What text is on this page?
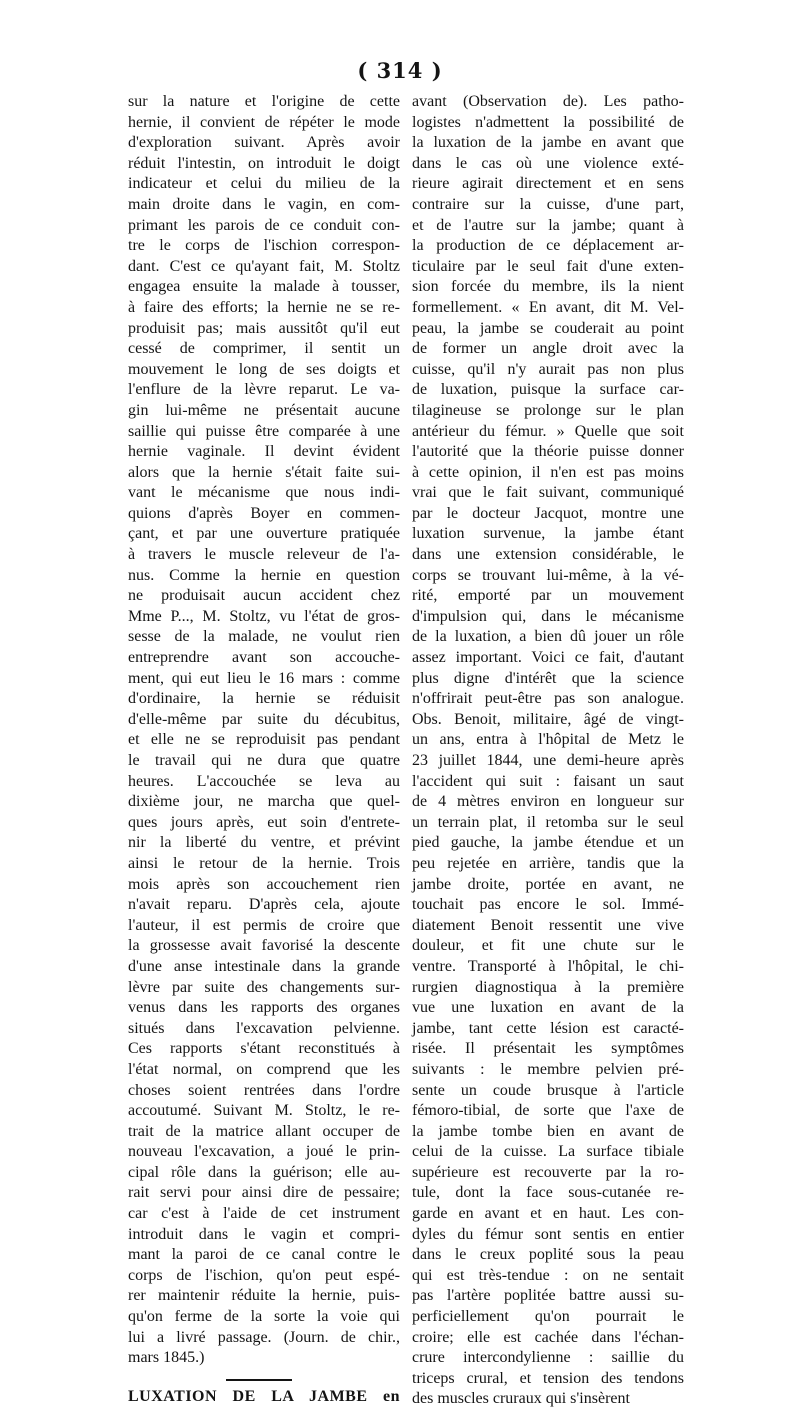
( 314 )
sur la nature et l'origine de cette
hernie, il convient de répéter le mode
d'exploration suivant. Après avoir
réduit l'intestin, on introduit le doigt
indicateur et celui du milieu de la
main droite dans le vagin, en com-
primant les parois de ce conduit con-
tre le corps de l'ischion correspon-
dant. C'est ce qu'ayant fait, M. Stoltz
engagea ensuite la malade à tousser,
à faire des efforts; la hernie ne se re-
produisit pas; mais aussitôt qu'il eut
cessé de comprimer, il sentit un
mouvement le long de ses doigts et
l'enflure de la lèvre reparut. Le va-
gin lui-même ne présentait aucune
saillie qui puisse être comparée à une
hernie vaginale. Il devint évident
alors que la hernie s'était faite sui-
vant le mécanisme que nous indi-
quions d'après Boyer en commen-
çant, et par une ouverture pratiquée
à travers le muscle releveur de l'a-
nus. Comme la hernie en question
ne produisait aucun accident chez
Mme P..., M. Stoltz, vu l'état de gros-
sesse de la malade, ne voulut rien
entreprendre avant son accouche-
ment, qui eut lieu le 16 mars : comme
d'ordinaire, la hernie se réduisit
d'elle-même par suite du décubitus,
et elle ne se reproduisit pas pendant
le travail qui ne dura que quatre
heures. L'accouchée se leva au
dixième jour, ne marcha que quel-
ques jours après, eut soin d'entrete-
nir la liberté du ventre, et prévint
ainsi le retour de la hernie. Trois
mois après son accouchement rien
n'avait reparu. D'après cela, ajoute
l'auteur, il est permis de croire que
la grossesse avait favorisé la descente
d'une anse intestinale dans la grande
lèvre par suite des changements sur-
venus dans les rapports des organes
situés dans l'excavation pelvienne.
Ces rapports s'étant reconstitués à
l'état normal, on comprend que les
choses soient rentrées dans l'ordre
accoutumé. Suivant M. Stoltz, le re-
trait de la matrice allant occuper de
nouveau l'excavation, a joué le prin-
cipal rôle dans la guérison; elle au-
rait servi pour ainsi dire de pessaire;
car c'est à l'aide de cet instrument
introduit dans le vagin et compri-
mant la paroi de ce canal contre le
corps de l'ischion, qu'on peut espé-
rer maintenir réduite la hernie, puis-
qu'on ferme de la sorte la voie qui
lui a livré passage. (Journ. de chir.,
mars 1845.)
LUXATION DE LA JAMBE en
avant (Observation de). Les patho-
logistes n'admettent la possibilité de
la luxation de la jambe en avant que
dans le cas où une violence exté-
rieure agirait directement et en sens
contraire sur la cuisse, d'une part,
et de l'autre sur la jambe; quant à
la production de ce déplacement ar-
ticulaire par le seul fait d'une exten-
sion forcée du membre, ils la nient
formellement. « En avant, dit M. Vel-
peau, la jambe se couderait au point
de former un angle droit avec la
cuisse, qu'il n'y aurait pas non plus
de luxation, puisque la surface car-
tilagineuse se prolonge sur le plan
antérieur du fémur. » Quelle que soit
l'autorité que la théorie puisse donner
à cette opinion, il n'en est pas moins
vrai que le fait suivant, communiqué
par le docteur Jacquot, montre une
luxation survenue, la jambe étant
dans une extension considérable, le
corps se trouvant lui-même, à la vé-
rité, emporté par un mouvement
d'impulsion qui, dans le mécanisme
de la luxation, a bien dû jouer un rôle
assez important. Voici ce fait, d'autant
plus digne d'intérêt que la science
n'offrirait peut-être pas son analogue.
Obs. Benoit, militaire, âgé de vingt-
un ans, entra à l'hôpital de Metz le
23 juillet 1844, une demi-heure après
l'accident qui suit : faisant un saut
de 4 mètres environ en longueur sur
un terrain plat, il retomba sur le seul
pied gauche, la jambe étendue et un
peu rejetée en arrière, tandis que la
jambe droite, portée en avant, ne
touchait pas encore le sol. Immé-
diatement Benoit ressentit une vive
douleur, et fit une chute sur le
ventre. Transporté à l'hôpital, le chi-
rurgien diagnostiqua à la première
vue une luxation en avant de la
jambe, tant cette lésion est caracté-
risée. Il présentait les symptômes
suivants : le membre pelvien pré-
sente un coude brusque à l'article
fémoro-tibial, de sorte que l'axe de
la jambe tombe bien en avant de
celui de la cuisse. La surface tibiale
supérieure est recouverte par la ro-
tule, dont la face sous-cutanée re-
garde en avant et en haut. Les con-
dyles du fémur sont sentis en entier
dans le creux poplité sous la peau
qui est très-tendue : on ne sentait
pas l'artère poplitée battre aussi su-
perficiellement qu'on pourrait le
croire; elle est cachée dans l'échan-
crure intercondylienne : saillie du
triceps crural, et tension des tendons
des muscles cruraux qui s'insèrent
